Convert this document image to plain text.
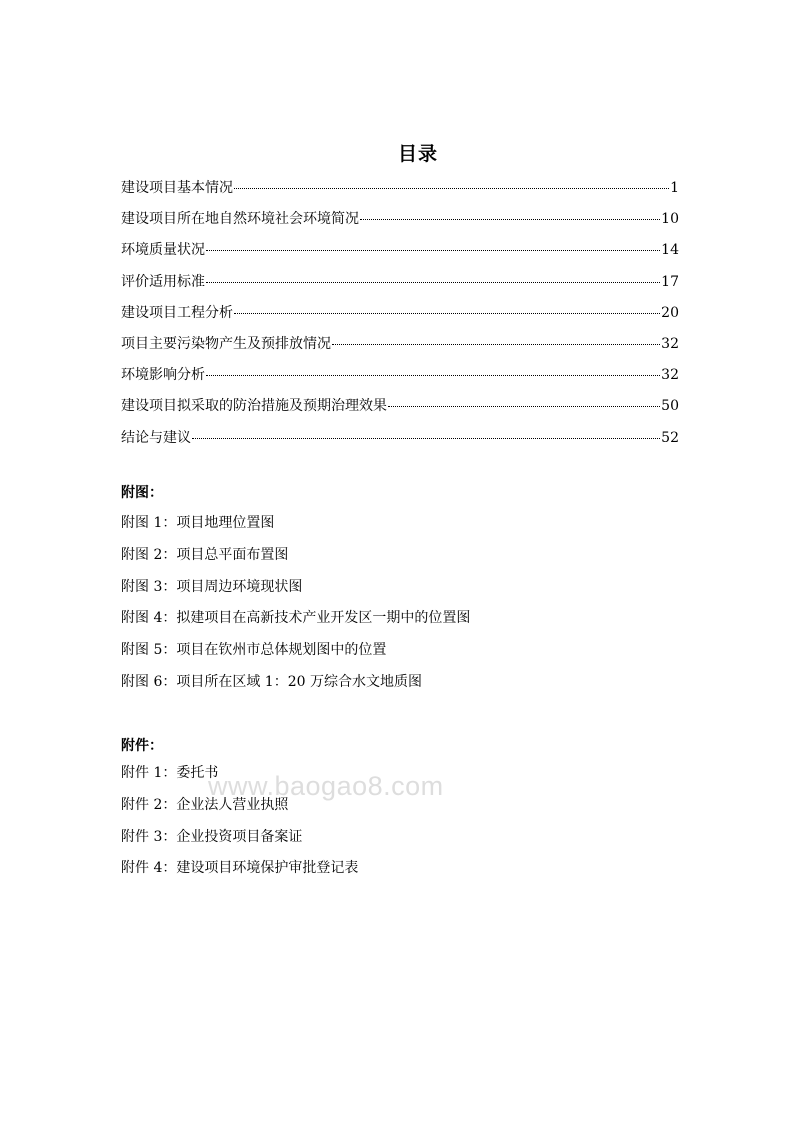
目录
建设项目基本情况	1
建设项目所在地自然环境社会环境简况	10
环境质量状况	14
评价适用标准	17
建设项目工程分析	20
项目主要污染物产生及预排放情况	32
环境影响分析	32
建设项目拟采取的防治措施及预期治理效果	50
结论与建议	52
附图：
附图 1：项目地理位置图
附图 2：项目总平面布置图
附图 3：项目周边环境现状图
附图 4：拟建项目在高新技术产业开发区一期中的位置图
附图 5：项目在钦州市总体规划图中的位置
附图 6：项目所在区域 1：20 万综合水文地质图
附件：
附件 1：委托书
附件 2：企业法人营业执照
附件 3：企业投资项目备案证
附件 4：建设项目环境保护审批登记表
www.baogao8.com
